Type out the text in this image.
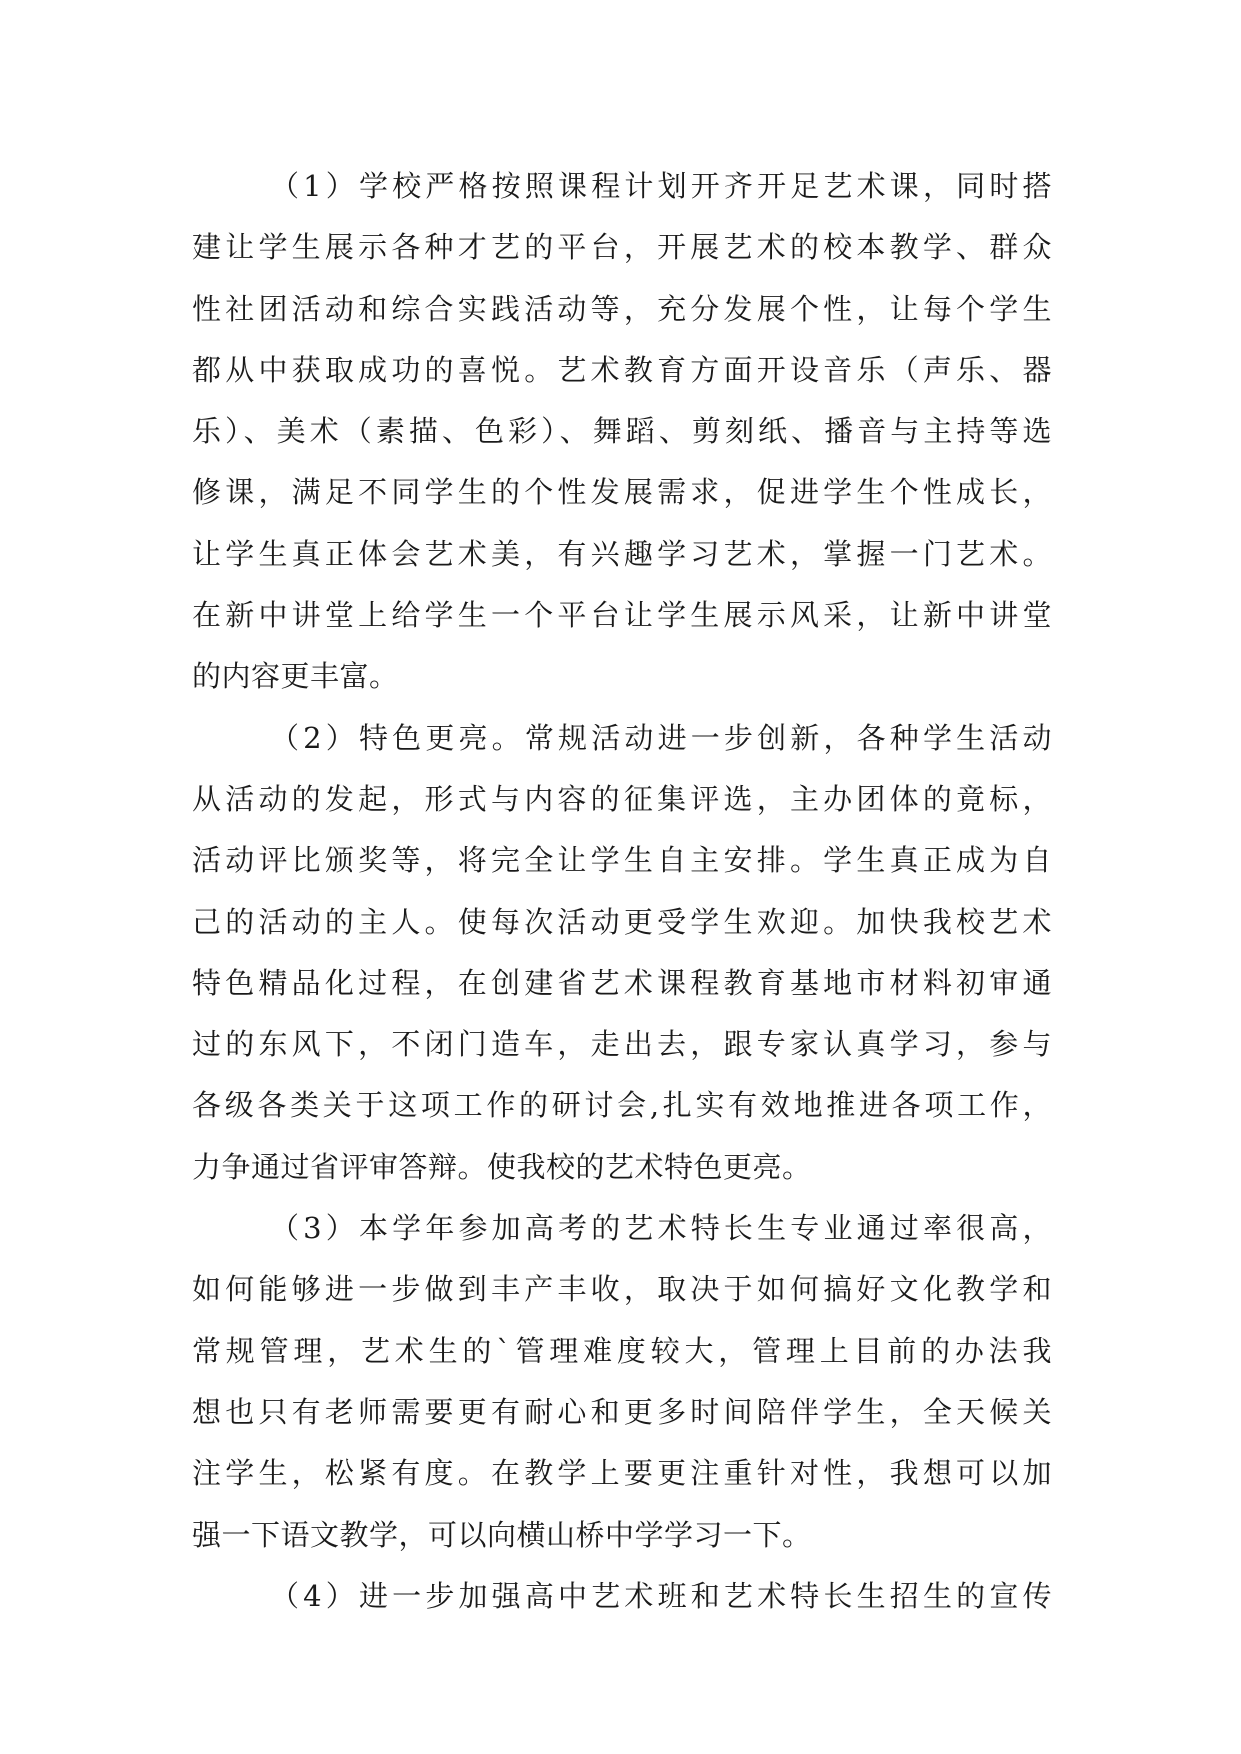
（1）学校严格按照课程计划开齐开足艺术课，同时搭
建让学生展示各种才艺的平台，开展艺术的校本教学、群众
性社团活动和综合实践活动等，充分发展个性，让每个学生
都从中获取成功的喜悦。艺术教育方面开设音乐（声乐、器
乐）、美术（素描、色彩）、舞蹈、剪刻纸、播音与主持等选
修课，满足不同学生的个性发展需求，促进学生个性成长，
让学生真正体会艺术美，有兴趣学习艺术，掌握一门艺术。
在新中讲堂上给学生一个平台让学生展示风采，让新中讲堂
的内容更丰富。
（2）特色更亮。常规活动进一步创新，各种学生活动
从活动的发起，形式与内容的征集评选，主办团体的竟标，
活动评比颁奖等，将完全让学生自主安排。学生真正成为自
己的活动的主人。使每次活动更受学生欢迎。加快我校艺术
特色精品化过程，在创建省艺术课程教育基地市材料初审通
过的东风下，不闭门造车，走出去，跟专家认真学习，参与
各级各类关于这项工作的研讨会,扎实有效地推进各项工作，
力争通过省评审答辩。使我校的艺术特色更亮。
（3）本学年参加高考的艺术特长生专业通过率很高，
如何能够进一步做到丰产丰收，取决于如何搞好文化教学和
常规管理，艺术生的`管理难度较大，管理上目前的办法我
想也只有老师需要更有耐心和更多时间陪伴学生，全天候关
注学生，松紧有度。在教学上要更注重针对性，我想可以加
强一下语文教学，可以向横山桥中学学习一下。
（4）进一步加强高中艺术班和艺术特长生招生的宣传
